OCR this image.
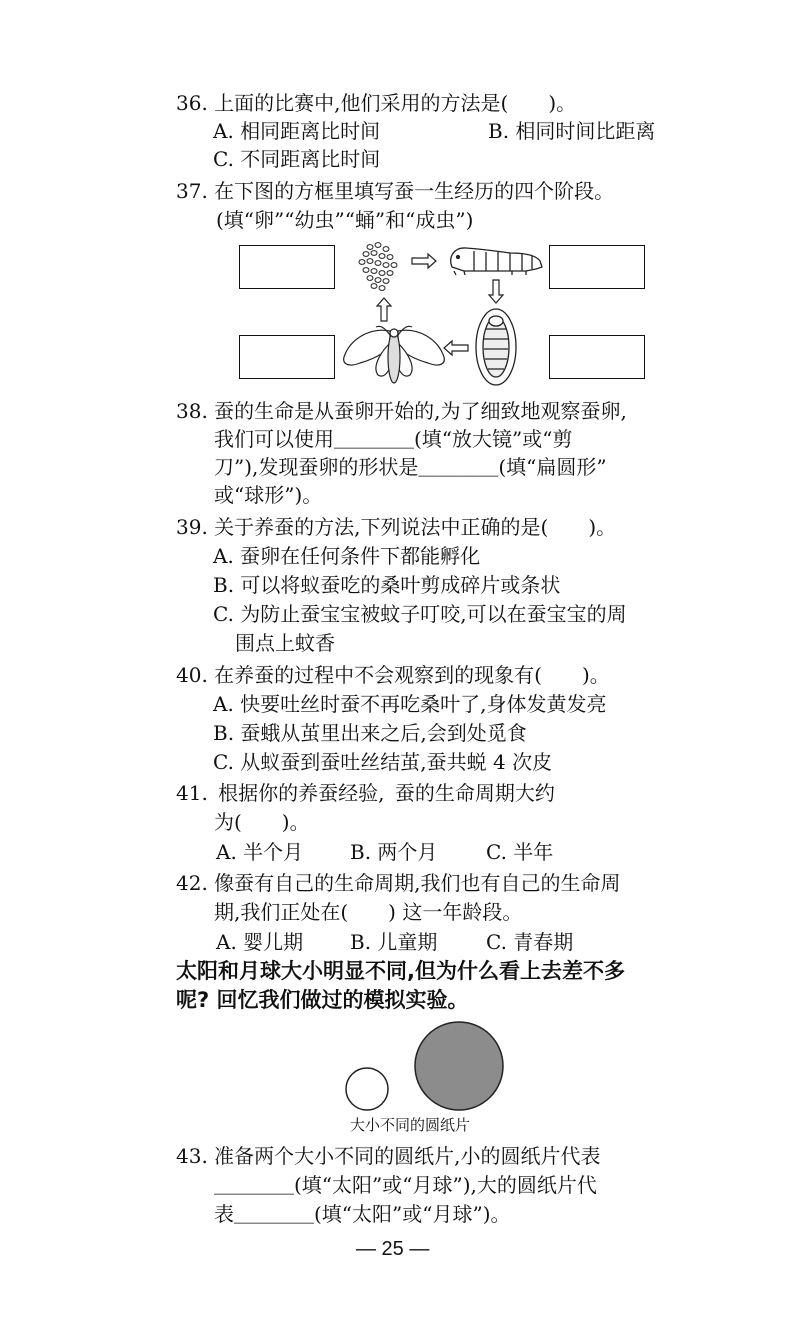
36. 上面的比赛中,他们采用的方法是(　　)。
A. 相同距离比时间	B. 相同时间比距离
C. 不同距离比时间
37. 在下图的方框里填写蚕一生经历的四个阶段。
(填“卵”“幼虫”“蛹”和“成虫”)
38. 蚕的生命是从蚕卵开始的,为了细致地观察蚕卵,
我们可以使用＿＿＿＿(填“放大镜”或“剪
刀”),发现蚕卵的形状是＿＿＿＿(填“扁圆形”
或“球形”)。
39. 关于养蚕的方法,下列说法中正确的是(　　)。
A. 蚕卵在任何条件下都能孵化
B. 可以将蚁蚕吃的桑叶剪成碎片或条状
C. 为防止蚕宝宝被蚊子叮咬,可以在蚕宝宝的周
围点上蚊香
40. 在养蚕的过程中不会观察到的现象有(　　)。
A. 快要吐丝时蚕不再吃桑叶了,身体发黄发亮
B. 蚕蛾从茧里出来之后,会到处觅食
C. 从蚁蚕到蚕吐丝结茧,蚕共蜕 4 次皮
41. 根据你的养蚕经验, 蚕的生命周期大约
为(　　)。
A. 半个月 B. 两个月 C. 半年
42. 像蚕有自己的生命周期,我们也有自己的生命周
期,我们正处在(　　) 这一年龄段。
A. 婴儿期 B. 儿童期 C. 青春期
太阳和月球大小明显不同,但为什么看上去差不多
呢? 回忆我们做过的模拟实验。
大小不同的圆纸片
43. 准备两个大小不同的圆纸片,小的圆纸片代表
＿＿＿＿(填“太阳”或“月球”),大的圆纸片代
表＿＿＿＿(填“太阳”或“月球”)。
— 25 —
